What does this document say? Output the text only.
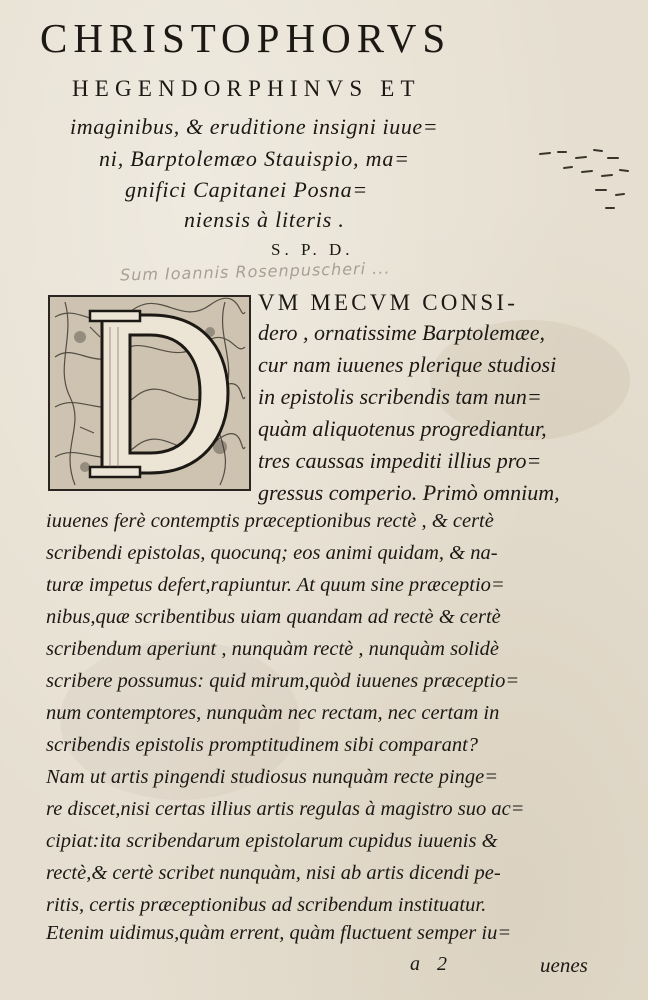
CHRISTOPHORVS
HEGENDORPHINVS ET
imaginibus, & eruditione insigni iuue=
ni, Barptolemæo Stauispio, ma=
gnifici Capitanei Posna=
niensis à literis .
S. P. D.
Sum Ioannis Rosenpuscheri ...
VM MECVM CONSI-
dero , ornatissime Barptolemæe,
cur nam iuuenes plerique studiosi
in epistolis scribendis tam nun=
quàm aliquotenus progrediantur,
tres caussas impediti illius pro=
gressus comperio. Primò omnium,
iuuenes ferè contemptis præceptionibus rectè , & certè
scribendi epistolas, quocunq; eos animi quidam, & na-
turæ impetus defert,rapiuntur. At quum sine præceptio=
nibus,quæ scribentibus uiam quandam ad rectè & certè
scribendum aperiunt , nunquàm rectè , nunquàm solidè
scribere possumus: quid mirum,quòd iuuenes præceptio=
num contemptores, nunquàm nec rectam, nec certam in
scribendis epistolis promptitudinem sibi comparant?
Nam ut artis pingendi studiosus nunquàm recte pinge=
re discet,nisi certas illius artis regulas à magistro suo ac=
cipiat:ita scribendarum epistolarum cupidus iuuenis &
rectè,& certè scribet nunquàm, nisi ab artis dicendi pe-
ritis, certis præceptionibus ad scribendum instituatur.
Etenim uidimus,quàm errent, quàm fluctuent semper iu=
a 2	uenes
